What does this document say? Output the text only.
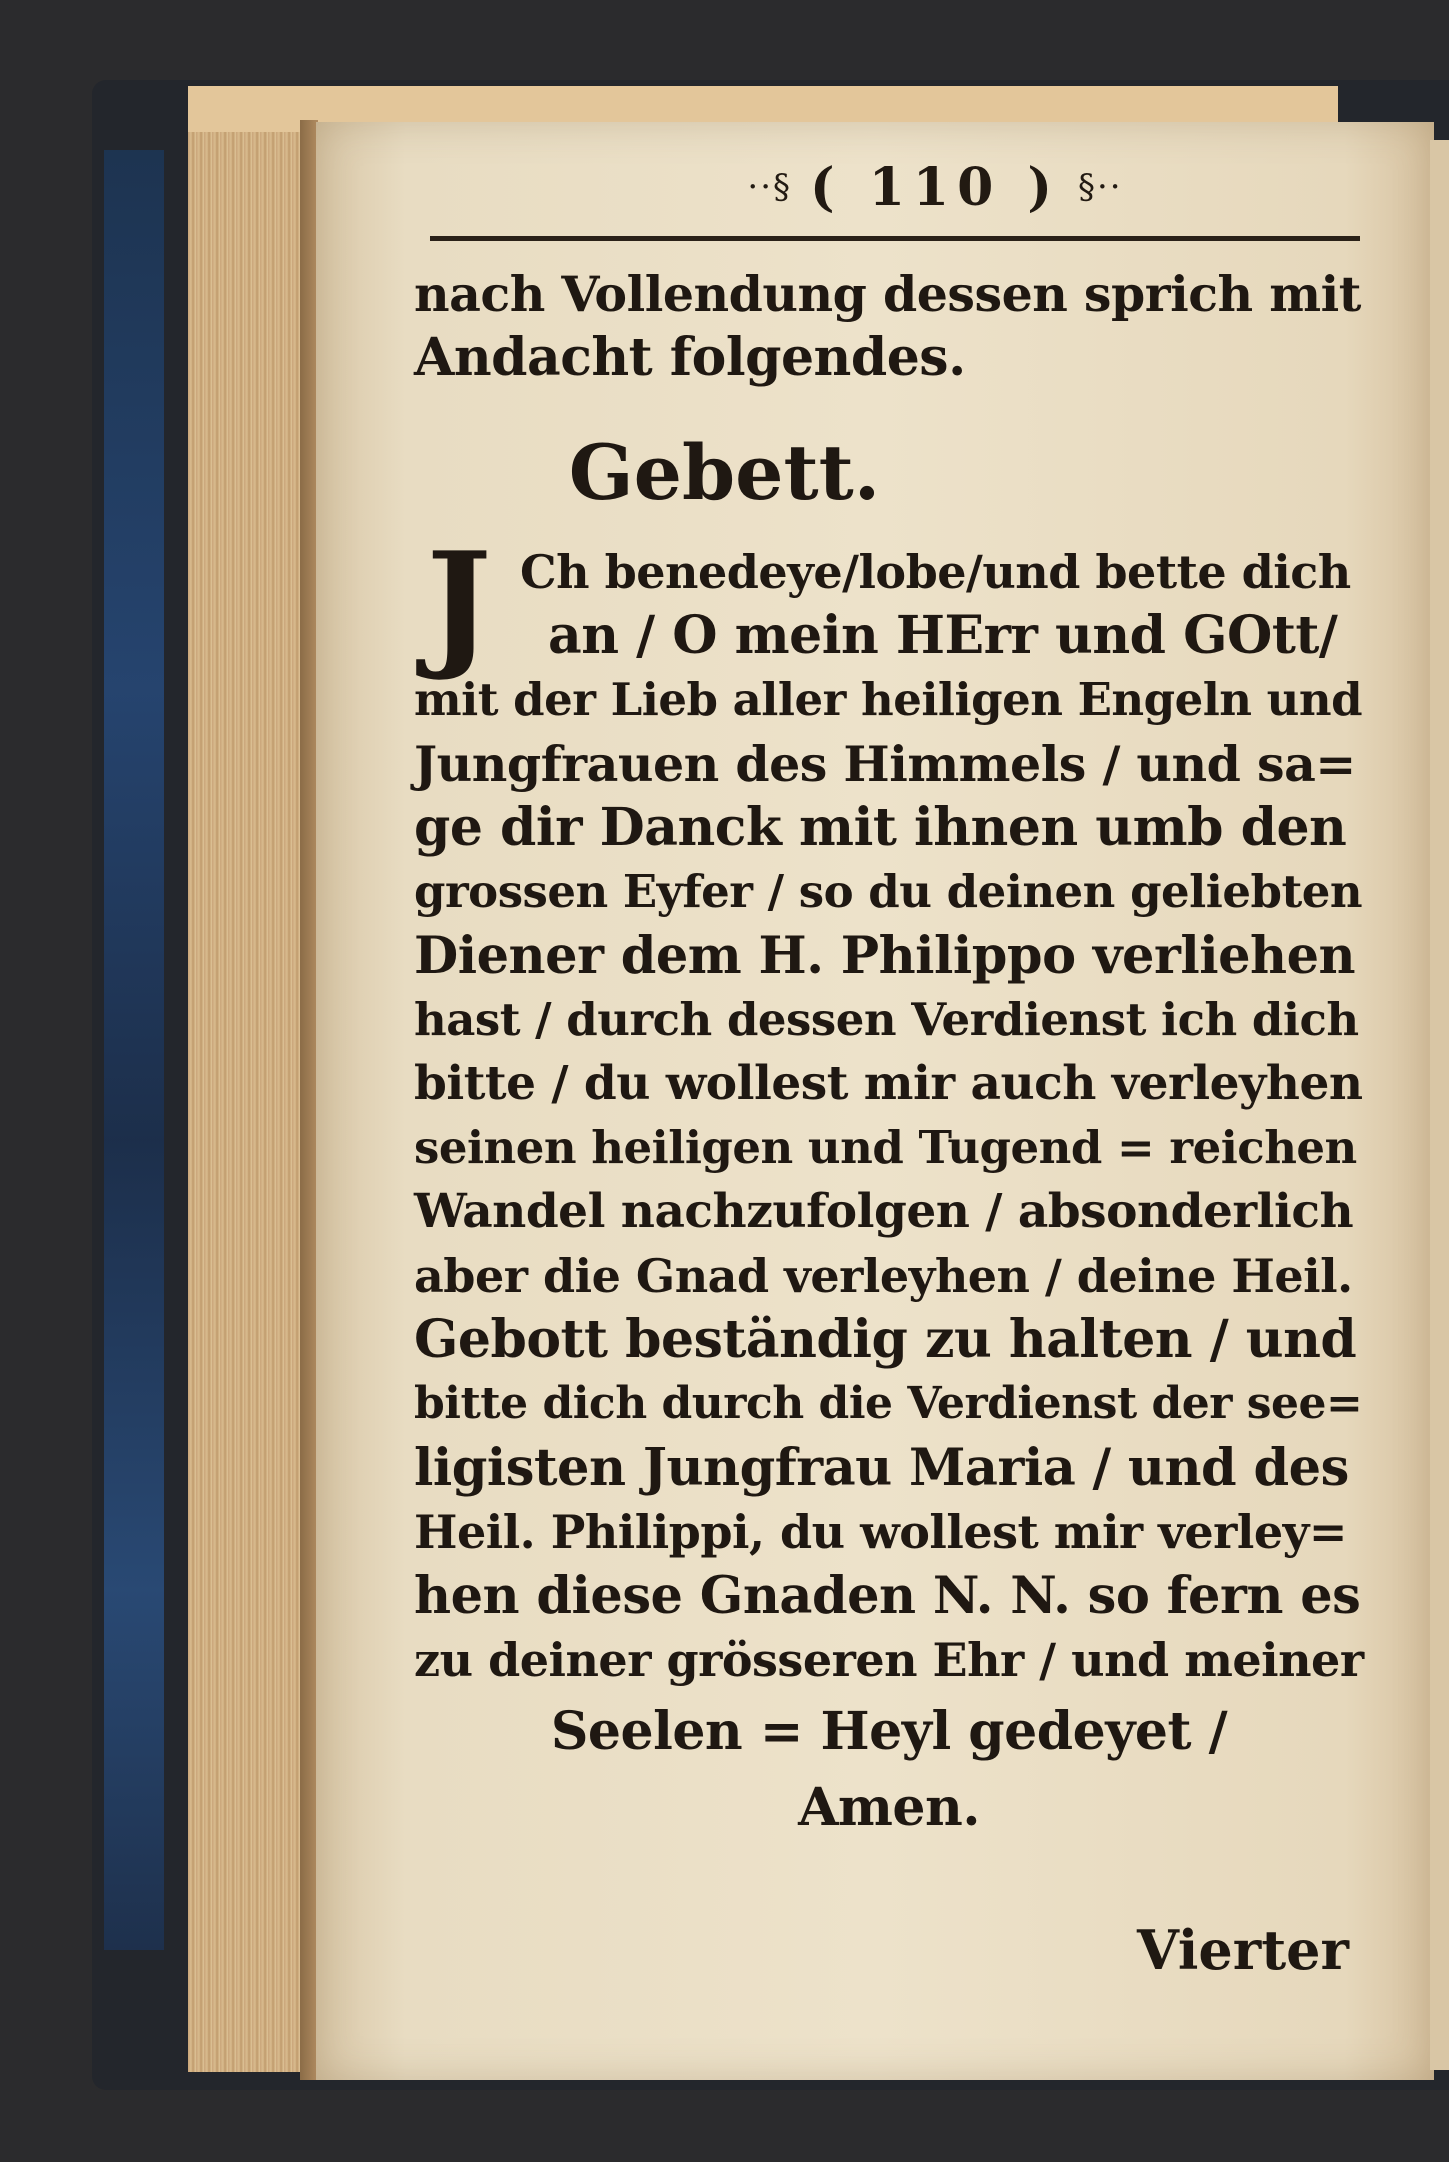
··§ ( 110 ) §··
nach Vollendung dessen sprich mit
Andacht folgendes.
Gebett.
J Ch benedeye/lobe/und bette dich
an / O mein HErr und GOtt/
mit der Lieb aller heiligen Engeln und
Jungfrauen des Himmels / und sa=
ge dir Danck mit ihnen umb den
grossen Eyfer / so du deinen geliebten
Diener dem H. Philippo verliehen
hast / durch dessen Verdienst ich dich
bitte / du wollest mir auch verleyhen
seinen heiligen und Tugend = reichen
Wandel nachzufolgen / absonderlich
aber die Gnad verleyhen / deine Heil.
Gebott beständig zu halten / und
bitte dich durch die Verdienst der see=
ligisten Jungfrau Maria / und des
Heil. Philippi, du wollest mir verley=
hen diese Gnaden N. N. so fern es
zu deiner grösseren Ehr / und meiner
Seelen = Heyl gedeyet /
Amen.
Vierter
